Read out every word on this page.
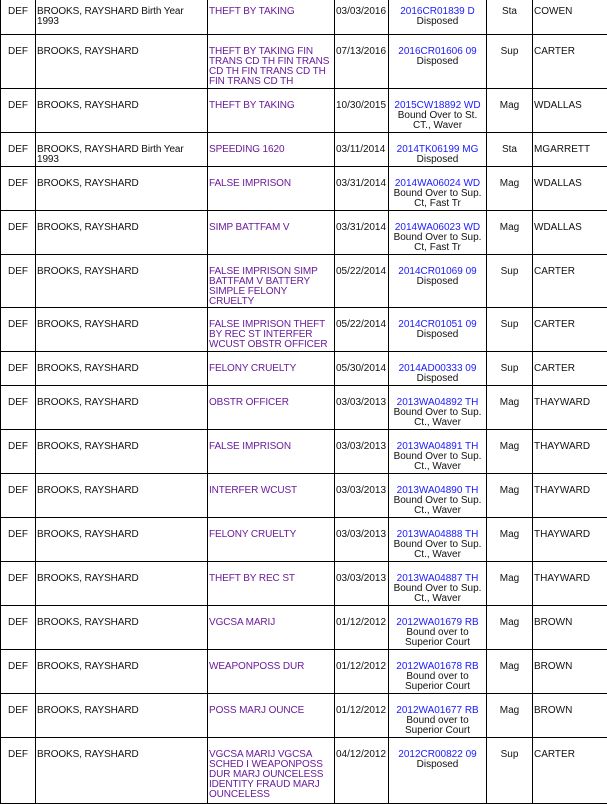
DEF	BROOKS, RAYSHARD Birth Year 1993	THEFT BY TAKING	03/03/2016	2016CR01839 D
Disposed	Sta	COWEN

DEF	BROOKS, RAYSHARD	THEFT BY TAKING FIN TRANS CD TH FIN TRANS CD TH FIN TRANS CD TH FIN TRANS CD TH	07/13/2016	2016CR01606 09
Disposed	Sup	CARTER

DEF	BROOKS, RAYSHARD	THEFT BY TAKING	10/30/2015	2015CW18892 WD
Bound Over to St. CT., Waver	Mag	WDALLAS

DEF	BROOKS, RAYSHARD Birth Year 1993	SPEEDING 1620	03/11/2014	2014TK06199 MG
Disposed	Sta	MGARRETT

DEF	BROOKS, RAYSHARD	FALSE IMPRISON	03/31/2014	2014WA06024 WD
Bound Over to Sup. Ct, Fast Tr	Mag	WDALLAS

DEF	BROOKS, RAYSHARD	SIMP BATTFAM V	03/31/2014	2014WA06023 WD
Bound Over to Sup. Ct, Fast Tr	Mag	WDALLAS

DEF	BROOKS, RAYSHARD	FALSE IMPRISON SIMP BATTFAM V BATTERY SIMPLE FELONY CRUELTY	05/22/2014	2014CR01069 09
Disposed	Sup	CARTER

DEF	BROOKS, RAYSHARD	FALSE IMPRISON THEFT BY REC ST INTERFER WCUST OBSTR OFFICER	05/22/2014	2014CR01051 09
Disposed	Sup	CARTER

DEF	BROOKS, RAYSHARD	FELONY CRUELTY	05/30/2014	2014AD00333 09
Disposed	Sup	CARTER

DEF	BROOKS, RAYSHARD	OBSTR OFFICER	03/03/2013	2013WA04892 TH
Bound Over to Sup. Ct., Waver	Mag	THAYWARD

DEF	BROOKS, RAYSHARD	FALSE IMPRISON	03/03/2013	2013WA04891 TH
Bound Over to Sup. Ct., Waver	Mag	THAYWARD

DEF	BROOKS, RAYSHARD	INTERFER WCUST	03/03/2013	2013WA04890 TH
Bound Over to Sup. Ct., Waver	Mag	THAYWARD

DEF	BROOKS, RAYSHARD	FELONY CRUELTY	03/03/2013	2013WA04888 TH
Bound Over to Sup. Ct., Waver	Mag	THAYWARD

DEF	BROOKS, RAYSHARD	THEFT BY REC ST	03/03/2013	2013WA04887 TH
Bound Over to Sup. Ct., Waver	Mag	THAYWARD

DEF	BROOKS, RAYSHARD	VGCSA MARIJ	01/12/2012	2012WA01679 RB
Bound over to Superior Court	Mag	BROWN

DEF	BROOKS, RAYSHARD	WEAPONPOSS DUR	01/12/2012	2012WA01678 RB
Bound over to Superior Court	Mag	BROWN

DEF	BROOKS, RAYSHARD	POSS MARJ OUNCE	01/12/2012	2012WA01677 RB
Bound over to Superior Court	Mag	BROWN

DEF	BROOKS, RAYSHARD	VGCSA MARIJ VGCSA SCHED I WEAPONPOSS DUR MARJ OUNCELESS IDENTITY FRAUD MARJ OUNCELESS	04/12/2012	2012CR00822 09
Disposed	Sup	CARTER
